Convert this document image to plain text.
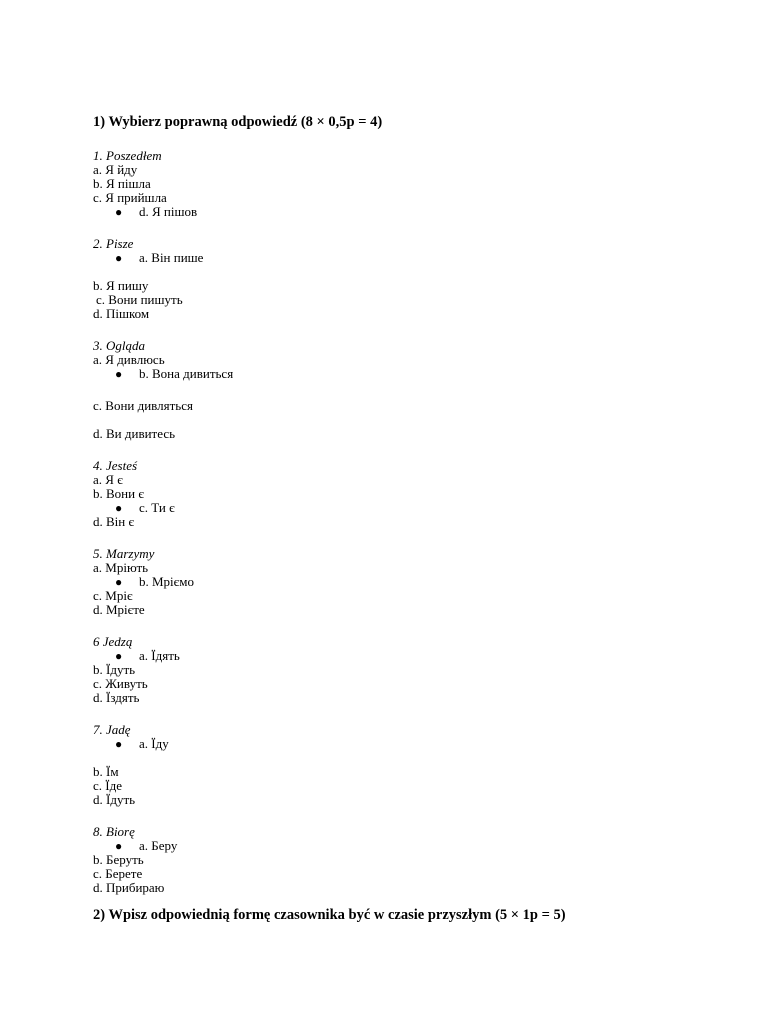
1) Wybierz poprawną odpowiedź (8 × 0,5p = 4)
1. Poszedłem
a. Я йду
b. Я пішла
c. Я прийшла
● d. Я пішов
2. Pisze
● a. Він пише
b. Я пишу
c. Вони пишуть
d. Пішком
3. Ogląda
a. Я дивлюсь
● b. Вона дивиться
c. Вони дивляться
d. Ви дивитесь
4. Jesteś
a. Я є
b. Вони є
● c. Ти є
d. Він є
5. Marzymy
a. Мріють
● b. Мріємо
c. Мріє
d. Мрієте
6 Jedzą
● a. Їдять
b. Їдуть
c. Живуть
d. Їздять
7. Jadę
● a. Їду
b. Їм
c. Їде
d. Їдуть
8. Biorę
● a. Беру
b. Беруть
c. Берете
d. Прибираю
2) Wpisz odpowiednią formę czasownika być w czasie przyszłym (5 × 1p = 5)
